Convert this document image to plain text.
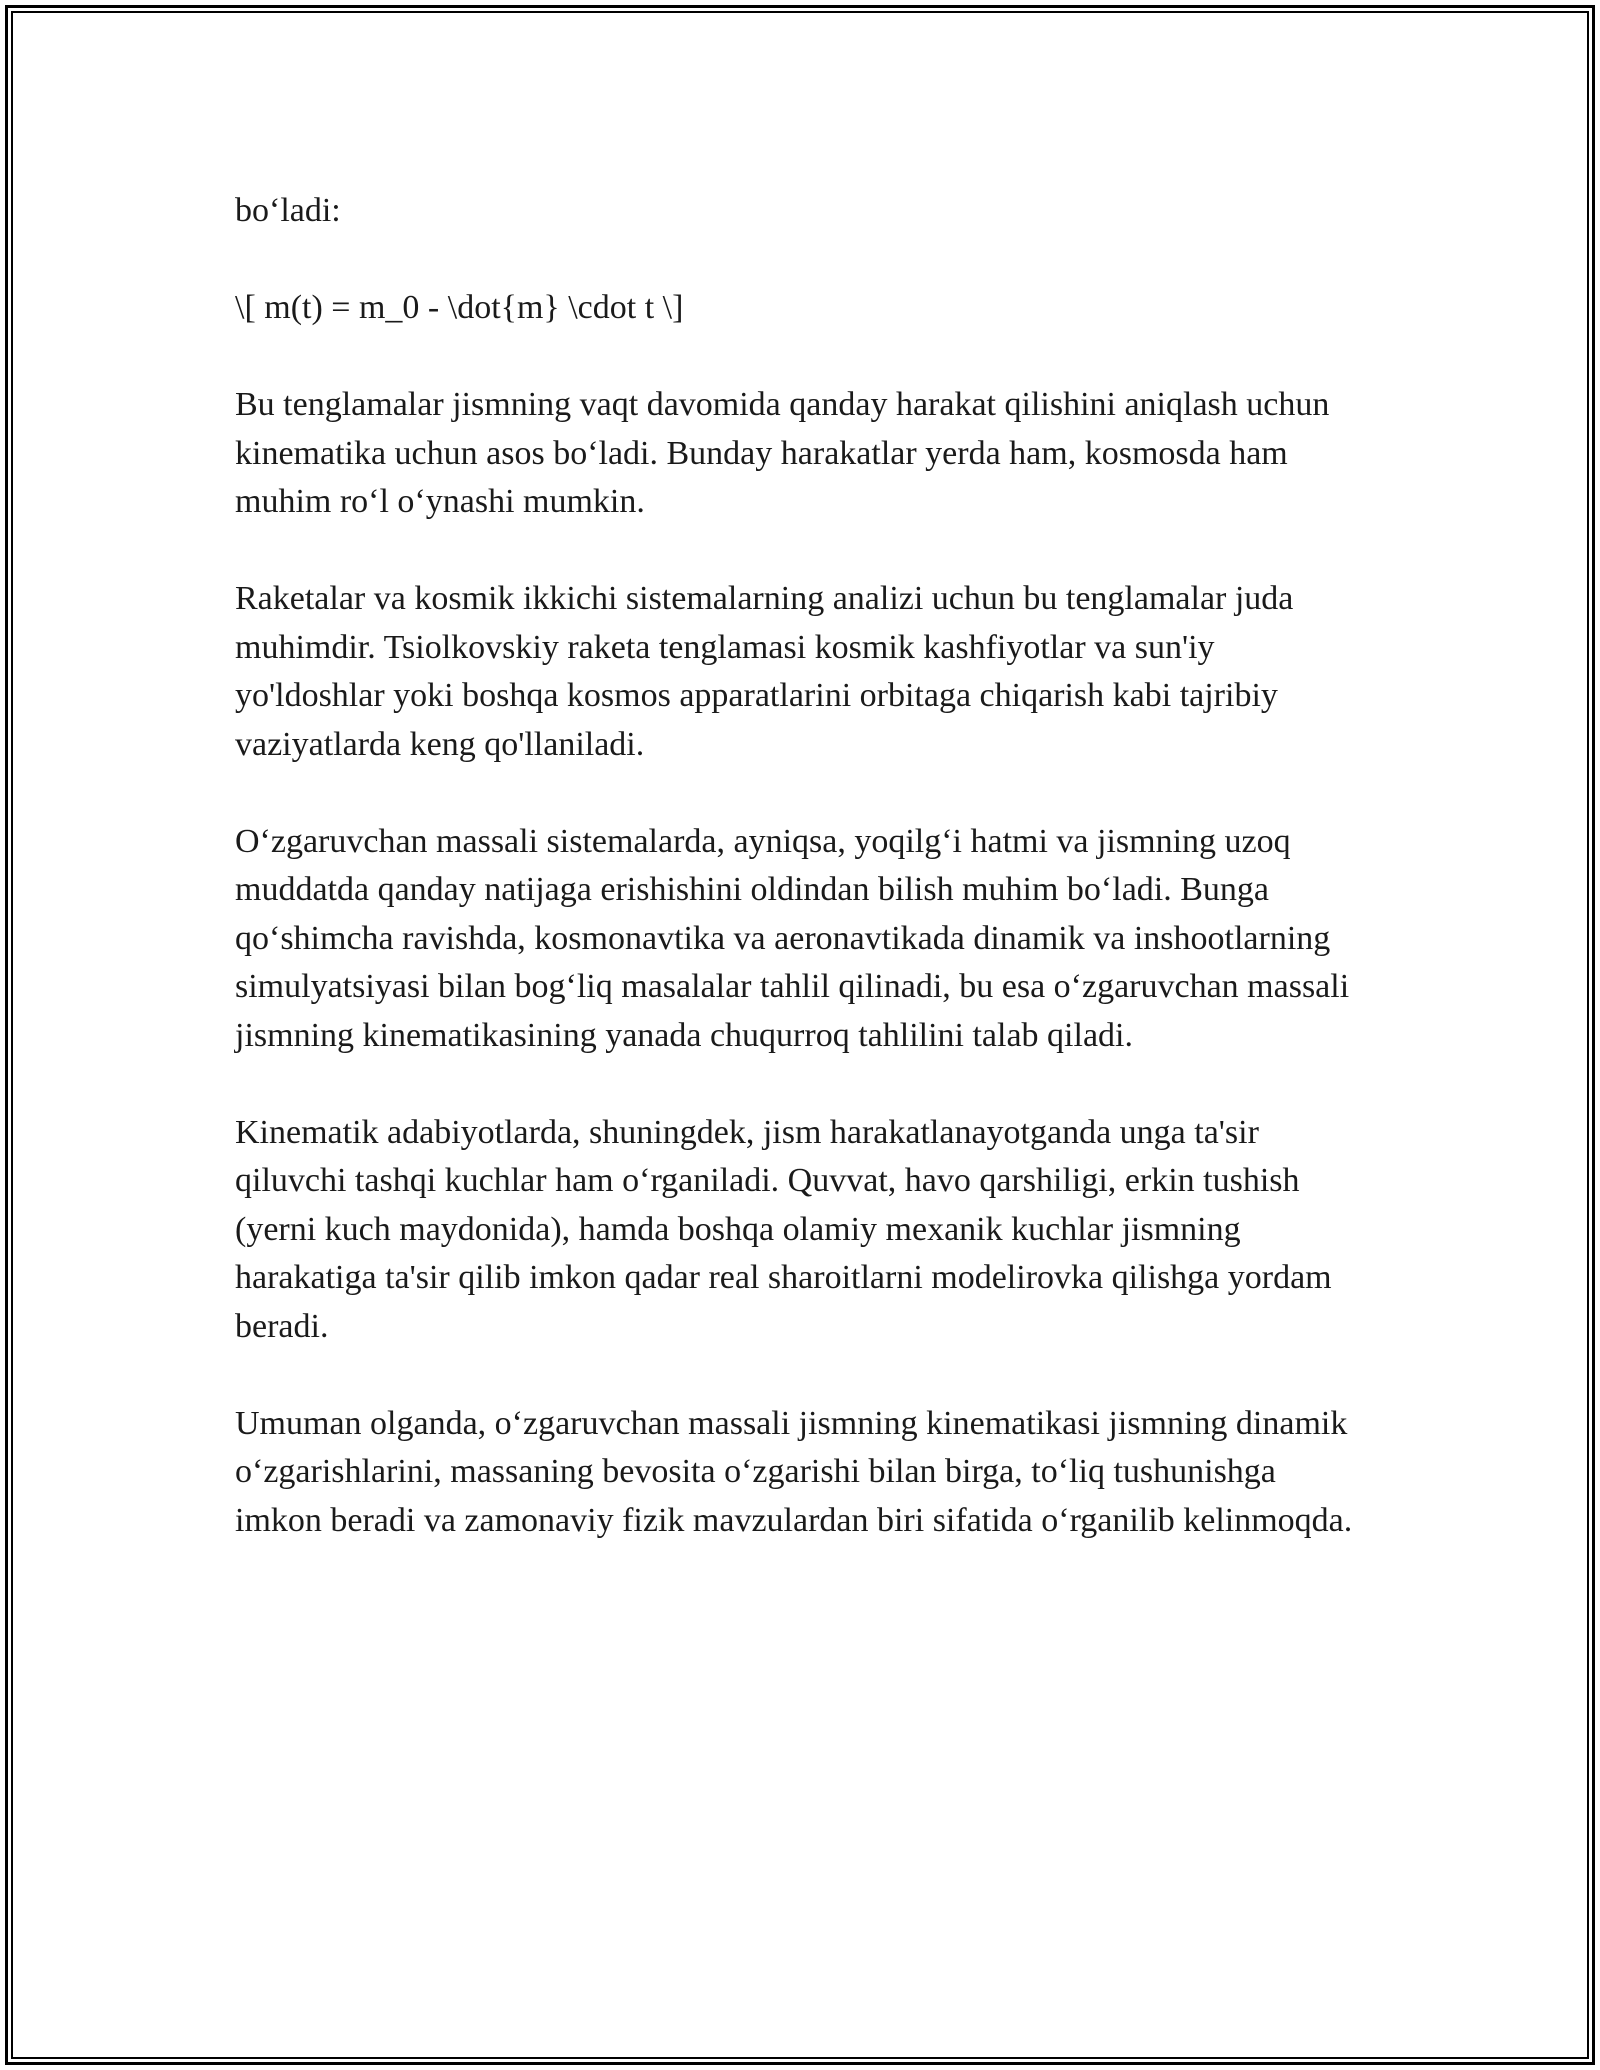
bo‘ladi:

\[ m(t) = m_0 - \dot{m} \cdot t \]

Bu tenglamalar jismning vaqt davomida qanday harakat qilishini aniqlash uchun kinematika uchun asos bo‘ladi. Bunday harakatlar yerda ham, kosmosda ham muhim ro‘l o‘ynashi mumkin.

Raketalar va kosmik ikkichi sistemalarning analizi uchun bu tenglamalar juda muhimdir. Tsiolkovskiy raketa tenglamasi kosmik kashfiyotlar va sun'iy yo'ldoshlar yoki boshqa kosmos apparatlarini orbitaga chiqarish kabi tajribiy vaziyatlarda keng qo'llaniladi.

O‘zgaruvchan massali sistemalarda, ayniqsa, yoqilg‘i hatmi va jismning uzoq muddatda qanday natijaga erishishini oldindan bilish muhim bo‘ladi. Bunga qo‘shimcha ravishda, kosmonavtika va aeronavtikada dinamik va inshootlarning simulyatsiyasi bilan bog‘liq masalalar tahlil qilinadi, bu esa o‘zgaruvchan massali jismning kinematikasining yanada chuqurroq tahlilini talab qiladi.

Kinematik adabiyotlarda, shuningdek, jism harakatlanayotganda unga ta'sir qiluvchi tashqi kuchlar ham o‘rganiladi. Quvvat, havo qarshiligi, erkin tushish (yerni kuch maydonida), hamda boshqa olamiy mexanik kuchlar jismning harakatiga ta'sir qilib imkon qadar real sharoitlarni modelirovka qilishga yordam beradi.

Umuman olganda, o‘zgaruvchan massali jismning kinematikasi jismning dinamik o‘zgarishlarini, massaning bevosita o‘zgarishi bilan birga, to‘liq tushunishga imkon beradi va zamonaviy fizik mavzulardan biri sifatida o‘rganilib kelinmoqda.
